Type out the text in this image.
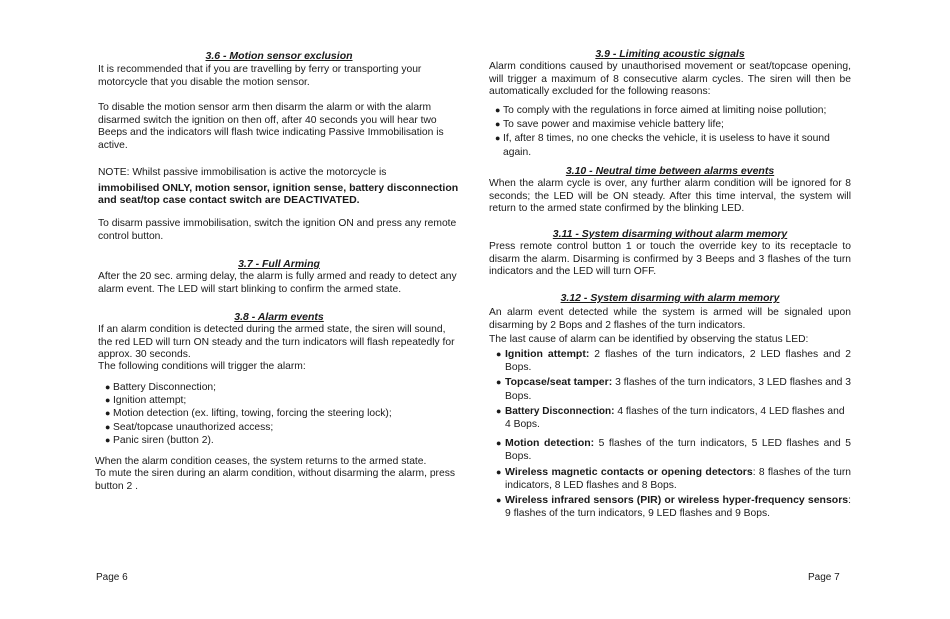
3.6 - Motion sensor exclusion
It is recommended that if you are travelling by ferry or transporting your motorcycle that you disable the motion sensor.
To disable the motion sensor arm then disarm the alarm or with the alarm disarmed switch the ignition on then off, after 40 seconds you will hear two Beeps and the indicators will flash twice indicating Passive Immobilisation is active.
NOTE: Whilst passive immobilisation is active the motorcycle is
immobilised ONLY, motion sensor, ignition sense, battery disconnection and seat/top case contact switch are DEACTIVATED.
To disarm passive immobilisation, switch the ignition ON and press any remote control button.
3.7 - Full Arming
After the 20 sec. arming delay, the alarm is fully armed and ready to detect any alarm event. The LED will start blinking to confirm the armed state.
3.8 - Alarm events
If an alarm condition is detected during the armed state, the siren will sound, the red LED will turn ON steady and the turn indicators will flash repeatedly for approx. 30 seconds.
The following conditions will trigger the alarm:
● Battery Disconnection;
● Ignition attempt;
● Motion detection (ex. lifting, towing, forcing the steering lock);
● Seat/topcase unauthorized access;
● Panic siren (button 2).
When the alarm condition ceases, the system returns to the armed state.
To mute the siren during an alarm condition, without disarming the alarm, press button 2 .
Page 6
3.9 - Limiting acoustic signals
Alarm conditions caused by unauthorised movement or seat/topcase opening, will trigger a maximum of 8 consecutive alarm cycles. The siren will then be automatically excluded for the following reasons:
● To comply with the regulations in force aimed at limiting noise pollution;
● To save power and maximise vehicle battery life;
● If, after 8 times, no one checks the vehicle, it is useless to have it sound again.
3.10 - Neutral time between alarms events
When the alarm cycle is over, any further alarm condition will be ignored for 8 seconds; the LED will be ON steady. After this time interval, the system will return to the armed state confirmed by the blinking LED.
3.11 - System disarming without alarm memory
Press remote control button 1 or touch the override key to its receptacle to disarm the alarm. Disarming is confirmed by 3 Beeps and 3 flashes of the turn indicators and the LED will turn OFF.
3.12 - System disarming with alarm memory
An alarm event detected while the system is armed will be signaled upon disarming by 2 Bops and 2 flashes of the turn indicators.
The last cause of alarm can be identified by observing the status LED:
● Ignition attempt: 2 flashes of the turn indicators, 2 LED flashes and 2 Bops.
● Topcase/seat tamper: 3 flashes of the turn indicators, 3 LED flashes and 3 Bops.
● Battery Disconnection: 4 flashes of the turn indicators, 4 LED flashes and 4 Bops.
● Motion detection: 5 flashes of the turn indicators, 5 LED flashes and 5 Bops.
● Wireless magnetic contacts or opening detectors: 8 flashes of the turn indicators, 8 LED flashes and 8 Bops.
● Wireless infrared sensors (PIR) or wireless hyper-frequency sensors: 9 flashes of the turn indicators, 9 LED flashes and 9 Bops.
Page 7
